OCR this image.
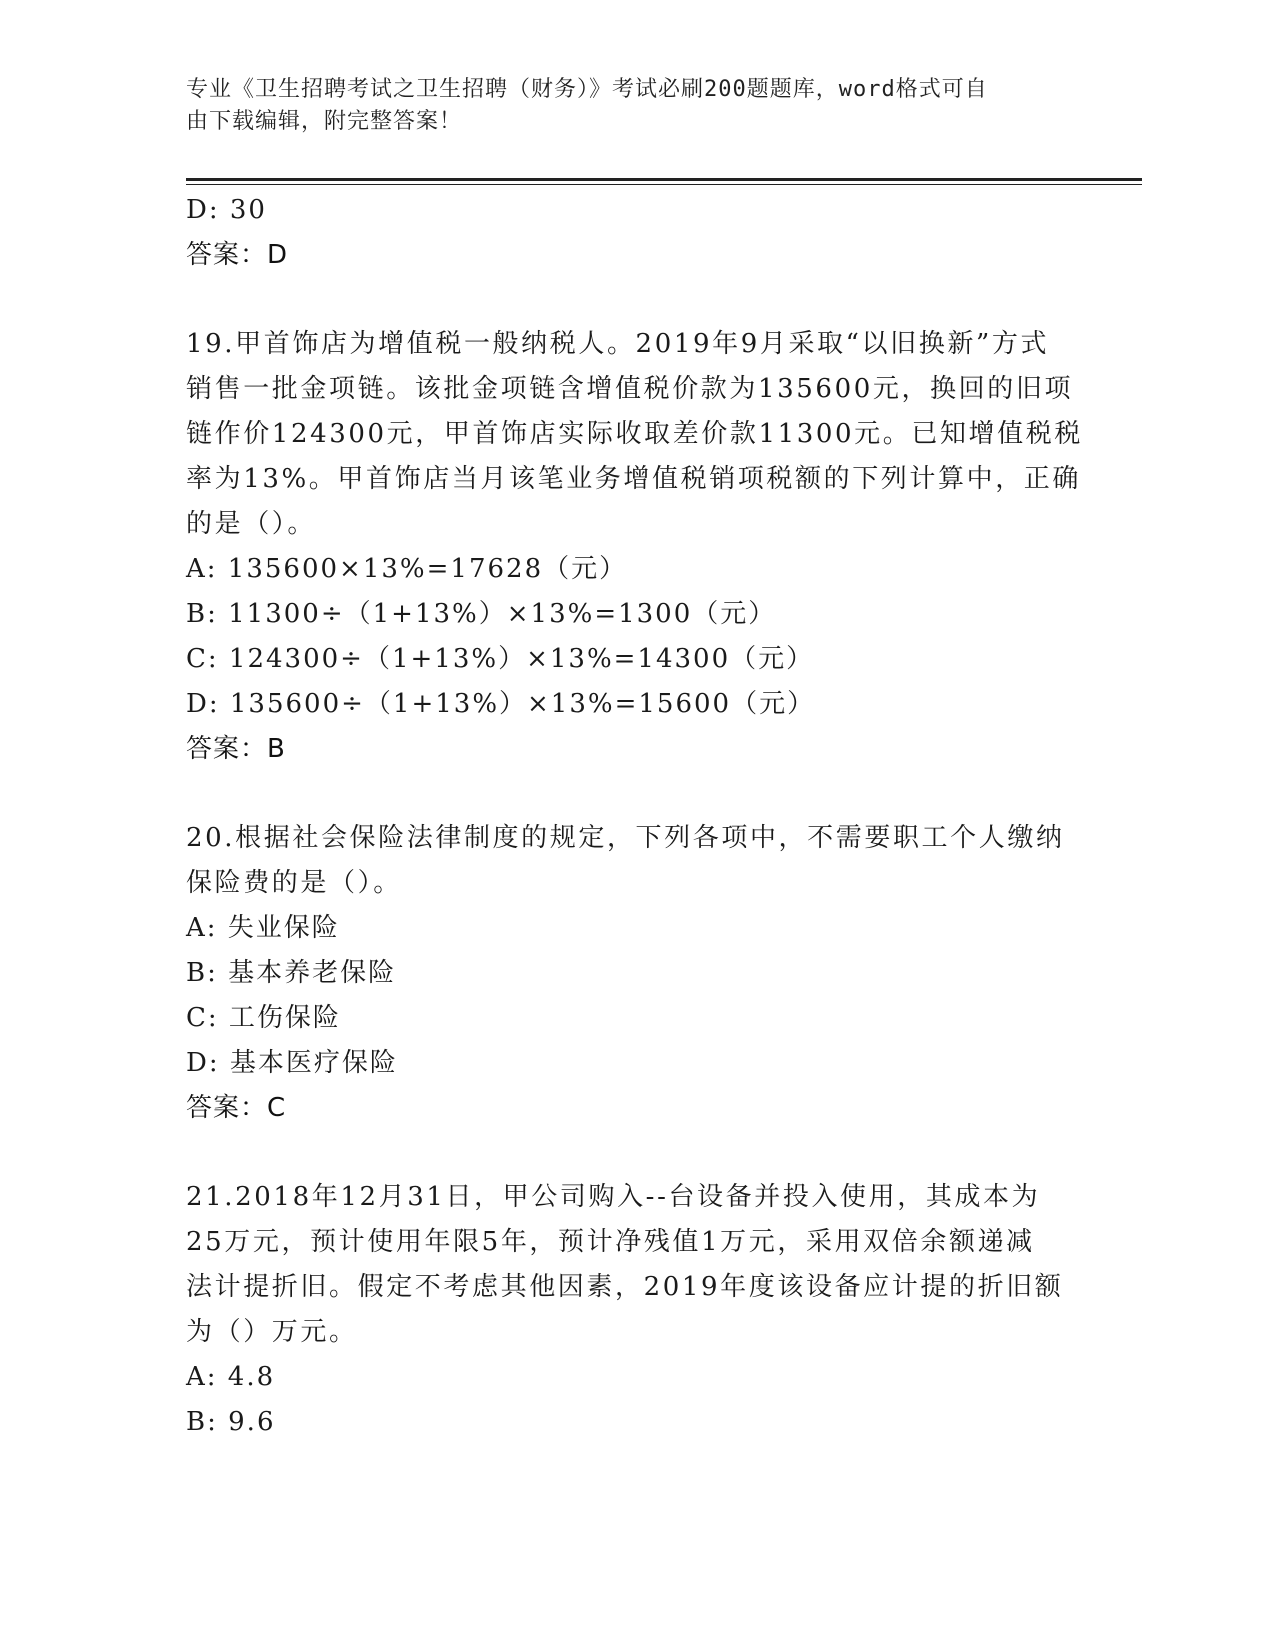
专业《卫生招聘考试之卫生招聘（财务）》考试必刷200题题库，word格式可自
由下载编辑，附完整答案！
D: 30
答案：D
19.甲首饰店为增值税一般纳税人。2019年9月采取“以旧换新”方式
销售一批金项链。该批金项链含增值税价款为135600元，换回的旧项
链作价124300元，甲首饰店实际收取差价款11300元。已知增值税税
率为13%。甲首饰店当月该笔业务增值税销项税额的下列计算中，正确
的是（）。
A: 135600×13%=17628（元）
B: 11300÷（1+13%）×13%=1300（元）
C: 124300÷（1+13%）×13%=14300（元）
D: 135600÷（1+13%）×13%=15600（元）
答案：B
20.根据社会保险法律制度的规定，下列各项中，不需要职工个人缴纳
保险费的是（）。
A: 失业保险
B: 基本养老保险
C: 工伤保险
D: 基本医疗保险
答案：C
21.2018年12月31日，甲公司购入--台设备并投入使用，其成本为
25万元，预计使用年限5年，预计净残值1万元，采用双倍余额递减
法计提折旧。假定不考虑其他因素，2019年度该设备应计提的折旧额
为（）万元。
A: 4.8
B: 9.6
